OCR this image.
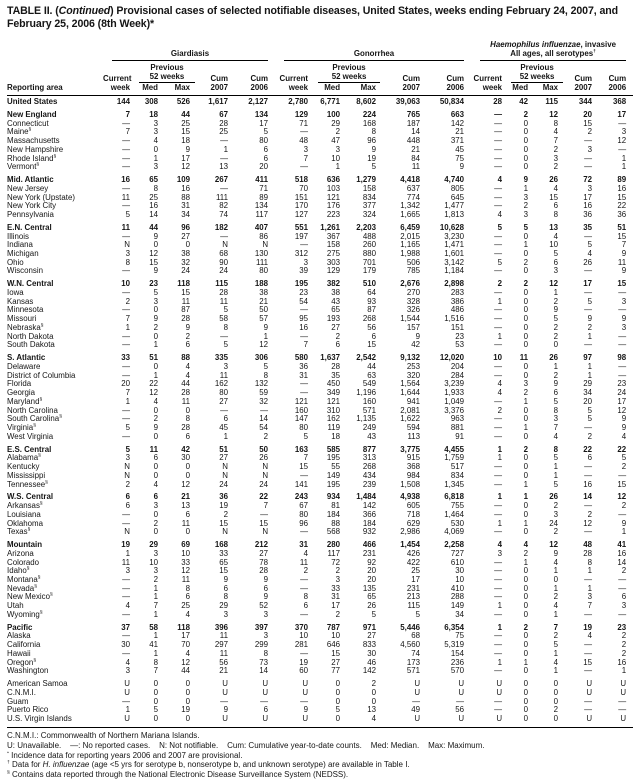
TABLE II. (Continued) Provisional cases of selected notifiable diseases, United States, weeks ending February 24, 2007, and February 25, 2006 (8th Week)*

	Giardiasis					Gonorrhea					Haemophilus influenzae, invasive
All ages, all serotypes†

		Previous					Previous					Previous			
	Current	52 weeks		Cum	Cum	Current	52 weeks		Cum	Cum	Current	52 weeks		Cum	Cum
Reporting area	week	Med	Max	2007	2006	week	Med	Max	2007	2006	week	Med	Max	2007	2006
United States	144	308	526	1,617	2,127	2,780	6,771	8,602	39,063	50,834	28	42	115	344	368
New England	7	18	44	67	134	129	100	224	765	663	—	2	12	20	17
Connecticut	—	3	25	28	17	71	29	168	187	142	—	0	8	15	—
Maine§	7	3	15	25	5	—	2	8	14	21	—	0	4	2	3
Massachusetts	—	4	18	—	80	48	47	96	448	371	—	0	7	—	12
New Hampshire	—	0	9	1	6	3	3	9	21	45	—	0	2	3	—
Rhode Island§	—	1	17	—	6	7	10	19	84	75	—	0	3	—	1
Vermont§	—	3	12	13	20	—	1	5	11	9	—	0	2	—	1
Mid. Atlantic	16	65	109	267	411	518	636	1,279	4,418	4,740	4	9	26	72	89
New Jersey	—	8	16	—	71	70	103	158	637	805	—	1	4	3	16
New York (Upstate)	11	25	88	111	89	151	121	834	774	645	—	3	15	17	15
New York City	—	16	31	82	134	170	176	377	1,342	1,477	—	2	6	16	22
Pennsylvania	5	14	34	74	117	127	223	324	1,665	1,813	4	3	8	36	36
E.N. Central	11	44	96	182	407	551	1,261	2,203	6,459	10,628	5	5	13	35	51
Illinois	—	9	27	—	86	197	367	488	2,015	3,230	—	0	4	—	15
Indiana	N	0	0	N	N	—	158	260	1,165	1,471	—	1	10	5	7
Michigan	3	12	38	68	130	312	275	880	1,988	1,601	—	0	5	4	9
Ohio	8	15	32	90	111	3	303	701	506	3,142	5	2	6	26	11
Wisconsin	—	9	24	24	80	39	129	179	785	1,184	—	0	3	—	9
W.N. Central	10	23	118	115	188	195	382	510	2,676	2,898	2	2	12	17	15
Iowa	—	5	15	28	38	23	38	64	270	283	—	0	1	—	—
Kansas	2	3	11	11	21	54	43	93	328	386	1	0	2	5	3
Minnesota	—	0	87	5	50	—	65	87	326	486	—	0	9	—	—
Missouri	7	9	28	58	57	95	193	268	1,544	1,516	—	0	5	9	9
Nebraska§	1	2	9	8	9	16	27	56	157	151	—	0	2	2	3
North Dakota	—	0	2	—	1	—	2	6	9	23	1	0	2	1	—
South Dakota	—	1	6	5	12	7	6	15	42	53	—	0	0	—	—
S. Atlantic	33	51	88	335	306	580	1,637	2,542	9,132	12,020	10	11	26	97	98
Delaware	—	0	4	3	5	36	28	44	253	204	—	0	1	1	—
District of Columbia	—	1	4	11	8	31	35	63	320	284	—	0	2	1	—
Florida	20	22	44	162	132	—	450	549	1,564	3,239	4	3	9	29	23
Georgia	7	12	28	80	59	—	349	1,196	1,644	1,933	4	2	6	34	24
Maryland§	1	4	11	27	32	121	121	160	941	1,049	—	1	5	20	17
North Carolina	—	0	0	—	—	160	310	571	2,081	3,376	2	0	8	5	12
South Carolina§	—	2	8	6	14	147	162	1,135	1,622	963	—	0	3	5	9
Virginia§	5	9	28	45	54	80	119	249	594	881	—	1	7	—	9
West Virginia	—	0	6	1	2	5	18	43	113	91	—	0	4	2	4
E.S. Central	5	11	42	51	50	163	585	877	3,775	4,455	1	2	8	22	22
Alabama§	3	6	30	27	26	7	195	313	915	1,759	1	0	5	6	5
Kentucky	N	0	0	N	N	15	55	268	368	517	—	0	1	—	2
Mississippi	N	0	0	N	N	—	149	434	984	834	—	0	1	—	—
Tennessee§	2	4	12	24	24	141	195	239	1,508	1,345	—	1	5	16	15
W.S. Central	6	6	21	36	22	243	934	1,484	4,938	6,818	1	1	26	14	12
Arkansas§	6	3	13	19	7	67	81	142	605	755	—	0	2	—	2
Louisiana	—	0	6	2	—	80	184	366	718	1,464	—	0	3	2	—
Oklahoma	—	2	11	15	15	96	88	184	629	530	1	1	24	12	9
Texas§	N	0	0	N	N	—	568	932	2,986	4,069	—	0	2	—	1
Mountain	19	29	69	168	212	31	280	466	1,454	2,258	4	4	12	48	41
Arizona	1	3	10	33	27	4	117	231	426	727	3	2	9	28	16
Colorado	11	10	33	65	78	11	72	92	422	610	—	1	4	8	14
Idaho§	3	3	12	15	28	2	2	20	25	30	—	0	1	1	2
Montana§	—	2	11	9	9	—	3	20	17	10	—	0	0	—	—
Nevada§	—	1	8	6	6	—	33	135	231	410	—	0	1	1	—
New Mexico§	—	1	6	8	9	8	31	65	213	288	—	0	2	3	6
Utah	4	7	25	29	52	6	17	26	115	149	1	0	4	7	3
Wyoming§	—	1	4	3	3	—	2	5	5	34	—	0	1	—	—
Pacific	37	58	118	396	397	370	787	971	5,446	6,354	1	2	7	19	23
Alaska	—	1	17	11	3	10	10	27	68	75	—	0	2	4	2
California	30	41	70	297	299	281	646	833	4,560	5,319	—	0	5	—	2
Hawaii	—	1	4	11	8	—	15	30	74	154	—	0	1	—	2
Oregon§	4	8	12	56	73	19	27	46	173	236	1	1	4	15	16
Washington	3	7	44	21	14	60	77	142	571	570	—	0	1	—	1
American Samoa	U	0	0	U	U	U	0	2	U	U	U	0	0	U	U
C.N.M.I.	U	0	0	U	U	U	0	0	U	U	U	0	0	U	U
Guam	—	0	0	—	—	—	0	0	—	—	—	0	0	—	—
Puerto Rico	1	5	19	9	6	9	5	13	49	56	—	0	2	—	—
U.S. Virgin Islands	U	0	0	U	U	U	0	4	U	U	U	0	0	U	U
C.N.M.I.: Commonwealth of Northern Mariana Islands.
U: Unavailable.    —: No reported cases.    N: Not notifiable.    Cum: Cumulative year-to-date counts.    Med: Median.    Max: Maximum.
* Incidence data for reporting years 2006 and 2007 are provisional.
† Data for H. influenzae (age <5 yrs for serotype b, nonserotype b, and unknown serotype) are available in Table I.
§ Contains data reported through the National Electronic Disease Surveillance System (NEDSS).
